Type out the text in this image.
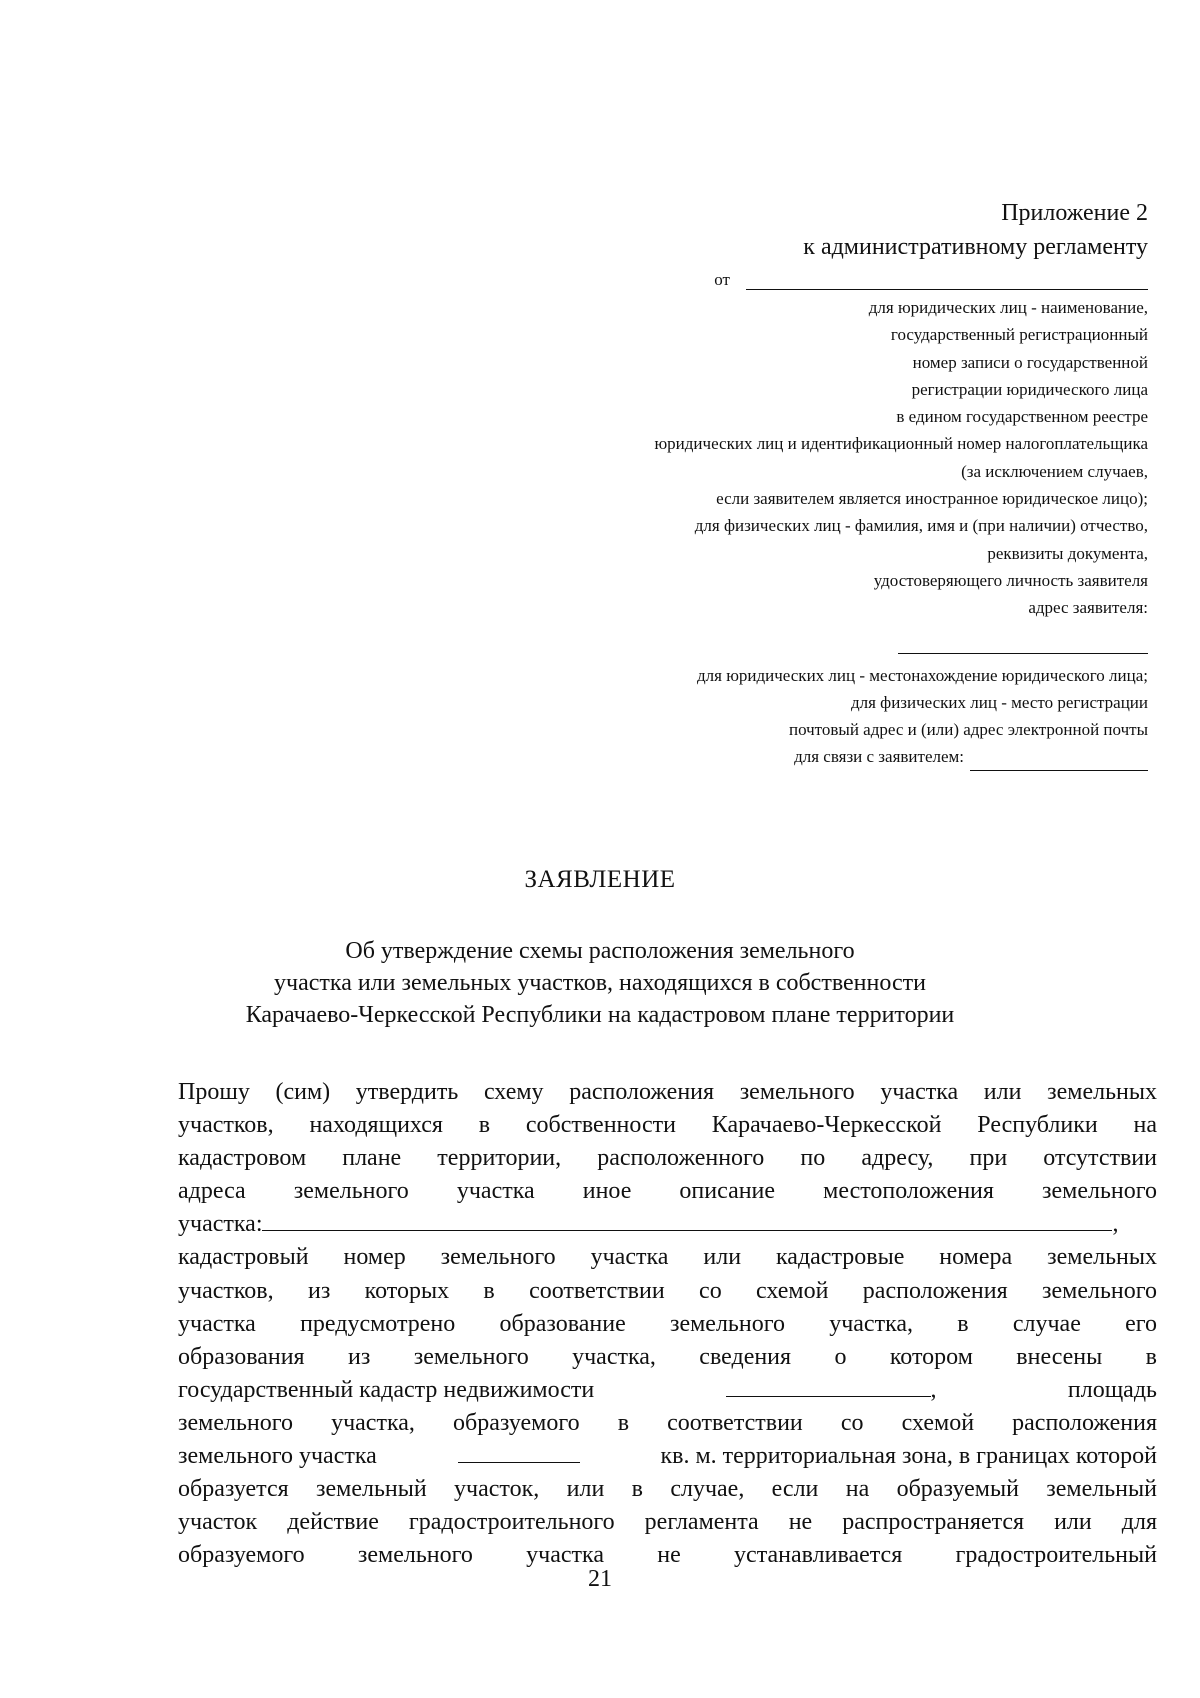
Приложение 2
к административному регламенту
от
для юридических лиц - наименование,
государственный регистрационный
номер записи о государственной
регистрации юридического лица
в едином государственном реестре
юридических лиц и идентификационный номер налогоплательщика
(за исключением случаев,
если заявителем является иностранное юридическое лицо);
для физических лиц - фамилия, имя и (при наличии) отчество,
реквизиты документа,
удостоверяющего личность заявителя
адрес заявителя:
для юридических лиц - местонахождение юридического лица;
для физических лиц - место регистрации
почтовый адрес и (или) адрес электронной почты
для связи с заявителем:
ЗАЯВЛЕНИЕ
Об утверждение схемы расположения земельного
участка или земельных участков, находящихся в собственности
Карачаево-Черкесской Республики на кадастровом плане территории
Прошу (сим) утвердить схему расположения земельного участка или земельных
участков, находящихся в собственности Карачаево-Черкесской Республики на
кадастровом плане территории, расположенного по адресу, при отсутствии
адреса земельного участка иное описание местоположения земельного
участка:	,
кадастровый номер земельного участка или кадастровые номера земельных
участков, из которых в соответствии со схемой расположения земельного
участка предусмотрено образование земельного участка, в случае его
образования из земельного участка, сведения о котором внесены в
государственный кадастр недвижимости	,	площадь
земельного участка, образуемого в соответствии со схемой расположения
земельного участка	кв. м. территориальная зона, в границах которой
образуется земельный участок, или в случае, если на образуемый земельный
участок действие градостроительного регламента не распространяется или для
образуемого земельного участка не устанавливается градостроительный
21
